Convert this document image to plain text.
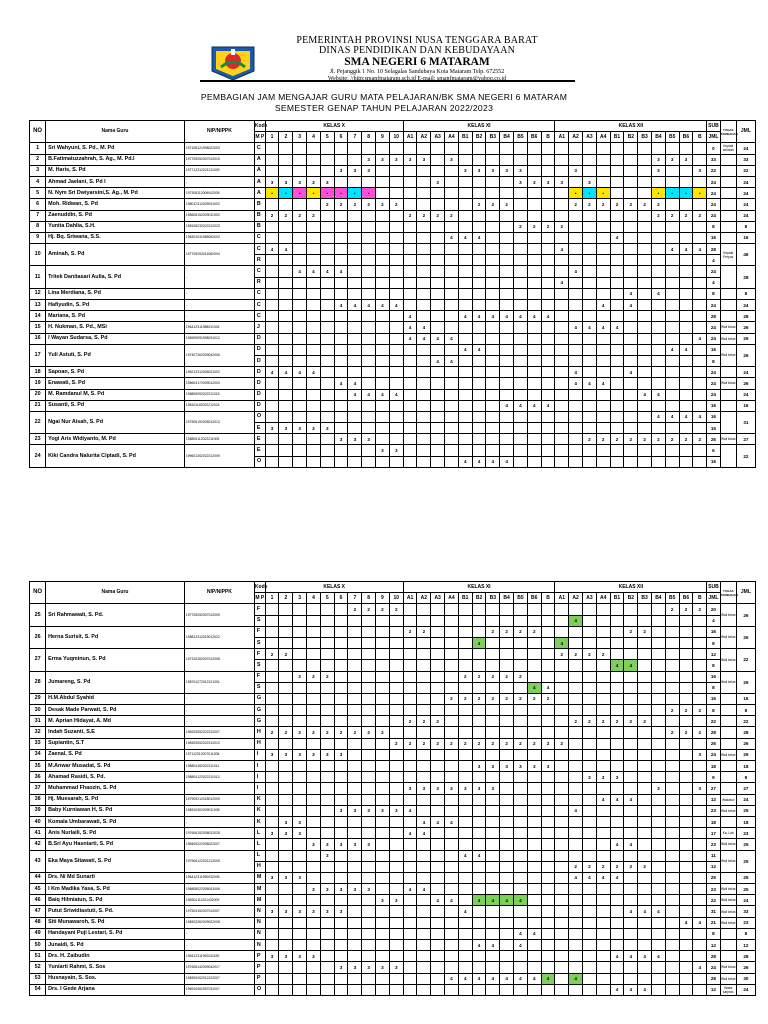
PEMERINTAH PROVINSI NUSA TENGGARA BARAT
DINAS PENDIDIKAN DAN KEBUDAYAAN
SMA NEGERI 6 MATARAM
Jl. Pejanggik 1 No. 10 Selagalas Sandubaya Kota Mataram Telp. 672552
Website: //http:smanfmataram.sch.id E-mail: smanfmataram@yahoo.co.id
PEMBAGIAN JAM MENGAJAR GURU MATA PELAJARAN/BK SMA NEGERI 6 MATARAM
SEMESTER GENAP TAHUN PELAJARAN 2022/2023
NO	Nama Guru	NIP/NIPPK	Kode	KELAS X										KELAS XI											KELAS XII											SUB	TUGAS TAMBAHAN	JML
			M P	1	2	3	4	5	6	7	8	9	10	A1	A2	A3	A4	B1	B2	B3	B4	B5	B6	B	A1	A2	A3	A4	B1	B2	B3	B4	B5	B6	B	JML		
1	Sri Wahyuni, S. Pd., M. Pd	197108121998022003	C																																	0	Kepala sekolah	24
2	B.Fatimatuzzahrah, S. Ag., M. Pd.I	197705252007012015	A								3	3	3	3	3		3															3	3	3		33		33
3	M. Haris, S. Pd	197712312021211009	A						3	3	3							3	3	3	3	3				3						3			3	22		22
4	Ahmad Jaelani, S. Pd I	-	A	3	3	3	3	3								3						3	3	3	3		3									24		24
5	N. Nym Sri Dwiyarsini,S. Ag., M. Pd	197308112006042005	A	•	•	•	•	•	•	•	•															•	•	•				•	•	•	•	24		24
6	Moh. Ridwan, S. Pd	198012312009031002	B					2	2	2	2	2	2						2	2	2					2	2	2	2	2	2	2				24		24
7	Zaenuddin, S. Pd	198508152009011003	B	2	2	2	2							2	2	2	2															2	2	2	2	24		24
8	Yunita Dahlia, S.H.	198108232022212023	B																			2	2	2	2											8		8
9	Hj. Bq. Sriwana, S.S.	196301031985062003	C														4	4	4										4							16		16
10	Aminah, S. Pd	197705252014062004	C	4	4																				4								4	4	4	28	Kepala Perpus	46
			R																																	4		
11	Tritek Danitasari Aulia, S. Pd	-	C			4	4	4	4																	4										24		28
			R																						4											4		
12	Lina Merdiana, S. Pd	-	C																											4		4				8		8
13	Hafiyudin, S. Pd	-	C						4	4	4	4	4															4		4						24		24
14	Mariana, S. Pd	-	C											4				4	4	4	4	4	4	4												28		28
15	H. Nukman, S. Pd., MSi	196412311988031304	J											4	4											4	4	4	4							24	Wali kelas	26
16	I Wayan Sudarsa, S. Pd	196909091998031012	D											4	4	4	4																		4	24	Wali kelas	26
17	Yuli Astuti, S. Pd	197407262009042006	D															4	4														4	4		16	Wali kelas	26
			D													4	4																			8		
18	Sapoan, S. Pd	196212312006021002	D	4	4	4	4																			4				4						24		24
19	Enawati, S. Pd	198604172009012003	D						4	4																4	4	4								24	Wali kelas	26
20	M. Ramdanul M, S. Pd	198805052022211015	D							4	4	4	4																		4	4				24		24
21	Susanti, S. Pd	198101182022212024	D																		4	4	4	4												16		16
22	Ngai Nur Aisah, S. Pd	197505192005012013	O																													4	4	4	4	16		31
			E	3	3	3	3	3																												15		
23	Yogi Aris Widiyanto, M. Pd	198805112022211005	E						3	3	3																2	2	2	2	2	2	2	2	2	25	Wali kelas	27
24	Kiki Candra Nalurita Ciptadi, S. Pd	199601262022212009	E									3	3																							6		22
			O															4	4	4	4															16		
NO	Nama Guru	NIP/NIPPK	Kode	KELAS X										KELAS XI											KELAS XII											SUB	TUGAS TAMBAHAN	JML
			M P	1	2	3	4	5	6	7	8	9	10	A1	A2	A3	A4	B1	B2	B3	B4	B5	B6	B	A1	A2	A3	A4	B1	B2	B3	B4	B5	B6	B	JML		
25	Sri Rahmawati, S. Pd.	197705252007012005	F							2	2	2	2																				2	2	2	20	Wali kelas	26
			S																							4										4		
26	Herna Surisit, S. Pd	198812312019012022	F											2	2					2	2	2	2							2	2					16	Wali kelas	26
			S																4						4											8		
27	Erma Yuqminun, S. Pd	197310262007012008	F	2	2																				2	2	2	2								12	Wali kelas	22
			S																										4	4						8		
28	Jumareng, S. Pd	198701272012121001	F			2	2	2										2	2	2	2	2														16	Wali kelas	26
			S																				4	4												8		
29	H.M.Abdul Syahid	-	G														2	2	2	2	2	2	2	2												16		16
30	Desak Made Parwati, S. Pd	-	G																														2	2	2	8		8
31	M. Aprian Hidayat, A. Md	-	G											2	2	2										2	2	2	2	2	2					22		22
32	Indah Suzanti, S.E	198203052022212007	H	2	2	2	2	2	2	2	2	2																					2	2	2	28		28
33	Supiantin, S.T	198303052022212012	H										2	2	2	2	2	2	2	2	2	2	2	2	2											26		26
34	Zaenal, S. Pd	197112312007011208	I	3	3	3	3	3	3																										3	24	Wali kelas	26
35	M.Anwar Musadat, S. Pd	198804182022211011	I																3	3	3	3	3	3												18		18
36	Ahamad Rasidi, S. Pd.	198804122022211013	I																								3	3	3							9		9
37	Muhammad Fhaozin, S. Pd	-	I											3	3	3	3	3	3	3												3			3	27		27
38	Hj. Muesarah, S. Pd	197909212018012009	K																									4	4	4						12	Wakakur	24
39	Baby Kurniawan H, S. Pd	198310302009011005	K						3	3	3	3	3	4												4										23	Wali kelas	25
40	Komala Umbarawati, S. Pd	-	K		3	3									4	4	4																			18		18
41	Anis Nurlaili, S. Pd	197606152008012025	L	3	3	3								4	4																					17	Ka. Lab	23
42	B.Sri Ayu Hasniarti, S. Pd	198409222008022007	L				3	3	3	3	3																		4	4						23	Wali kelas	25
43	Eka Maya Sitawati, S. Pd	197906122021212005	L					3										4	4																	11	Wali kelas	25
			H																							2	2	2	2	2	2					12		
44	Drs. Ni Md Sunarti	196412311990032005	M	3	3	3																				4	4	4	4							25		25
45	I Km Madika Yasa, S. Pd	196808022006041006	M				3	3	3	3	3			4	4																					23	Wali kelas	25
46	Baiq Hilmiatun, S. Pd	198304111201432009	M									3	3			4	4		4	4	4	4														22	Wali kelas	24
47	Putut Sriwidiastuti, S. Pd.	197504152007012007	N	3	3	3	3	3	3									4												4	4	4				31	Wali kelas	33
48	Siti Munawaroh, S. Pd	198303262009022008	N																															4	4	21	Wali kelas	23
49	Handayani Puji Lestari, S. Pd	-	N																			4	4													8		8
50	Junaidi, S. Pd	-	N																4	4		4														12		12
51	Drs. H. Zaibudin	196412311992031190	P	3	3	3	3																						4	4	4	4				28		28
52	Yuniarti Rahmi, S. Sos	197608142009042017	P						3	3	3	3	3																						4	24	Wali kelas	26
53	Husnayain, S. Sos.	198309262012122007	P														4	4	4	4	4	4	4	4		4										28	Wali kelas	30
54	Drs. I Gede Arjana	196910061997031007	O																										4	4	4					12	Waka sarpras	24
